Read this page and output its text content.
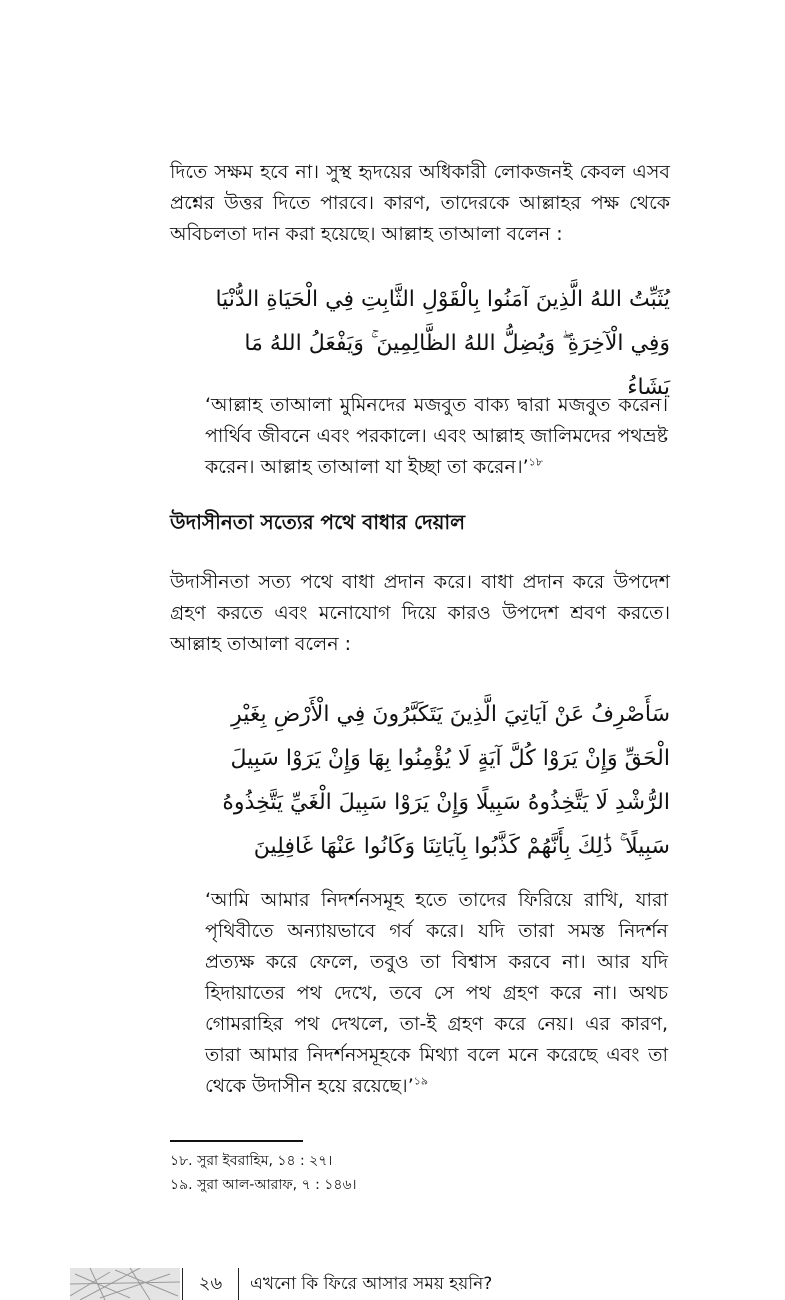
দিতে সক্ষম হবে না। সুস্থ হৃদয়ের অধিকারী লোকজনই কেবল এসব প্রশ্নের উত্তর দিতে পারবে। কারণ, তাদেরকে আল্লাহর পক্ষ থেকে অবিচলতা দান করা হয়েছে। আল্লাহ তাআলা বলেন :

يُثَبِّتُ اللهُ الَّذِينَ آمَنُوا بِالْقَوْلِ الثَّابِتِ فِي الْحَيَاةِ الدُّنْيَا وَفِي الْآخِرَةِ ۖ وَيُضِلُّ اللهُ الظَّالِمِينَ ۚ وَيَفْعَلُ اللهُ مَا يَشَاءُ

‘আল্লাহ তাআলা মুমিনদের মজবুত বাক্য দ্বারা মজবুত করেন। পার্থিব জীবনে এবং পরকালে। এবং আল্লাহ জালিমদের পথভ্রষ্ট করেন। আল্লাহ তাআলা যা ইচ্ছা তা করেন।’$^{১৮}$

উদাসীনতা সত্যের পথে বাধার দেয়াল

উদাসীনতা সত্য পথে বাধা প্রদান করে। বাধা প্রদান করে উপদেশ গ্রহণ করতে এবং মনোযোগ দিয়ে কারও উপদেশ শ্রবণ করতে। আল্লাহ তাআলা বলেন :

سَأَصْرِفُ عَنْ آيَاتِيَ الَّذِينَ يَتَكَبَّرُونَ فِي الْأَرْضِ بِغَيْرِ الْحَقِّ وَإِنْ يَرَوْا كُلَّ آيَةٍ لَا يُؤْمِنُوا بِهَا وَإِنْ يَرَوْا سَبِيلَ الرُّشْدِ لَا يَتَّخِذُوهُ سَبِيلًا وَإِنْ يَرَوْا سَبِيلَ الْغَيِّ يَتَّخِذُوهُ سَبِيلًا ۚ ذَٰلِكَ بِأَنَّهُمْ كَذَّبُوا بِآيَاتِنَا وَكَانُوا عَنْهَا غَافِلِينَ

‘আমি আমার নিদর্শনসমূহ হতে তাদের ফিরিয়ে রাখি, যারা পৃথিবীতে অন্যায়ভাবে গর্ব করে। যদি তারা সমস্ত নিদর্শন প্রত্যক্ষ করে ফেলে, তবুও তা বিশ্বাস করবে না। আর যদি হিদায়াতের পথ দেখে, তবে সে পথ গ্রহণ করে না। অথচ গোমরাহির পথ দেখলে, তা-ই গ্রহণ করে নেয়। এর কারণ, তারা আমার নিদর্শনসমূহকে মিথ্যা বলে মনে করেছে এবং তা থেকে উদাসীন হয়ে রয়েছে।’$^{১৯}$

১৮. সুরা ইবরাহিম, ১৪ : ২৭।

১৯. সুরা আল-আরাফ, ৭ : ১৪৬।

২৬	এখনো কি ফিরে আসার সময় হয়নি?
